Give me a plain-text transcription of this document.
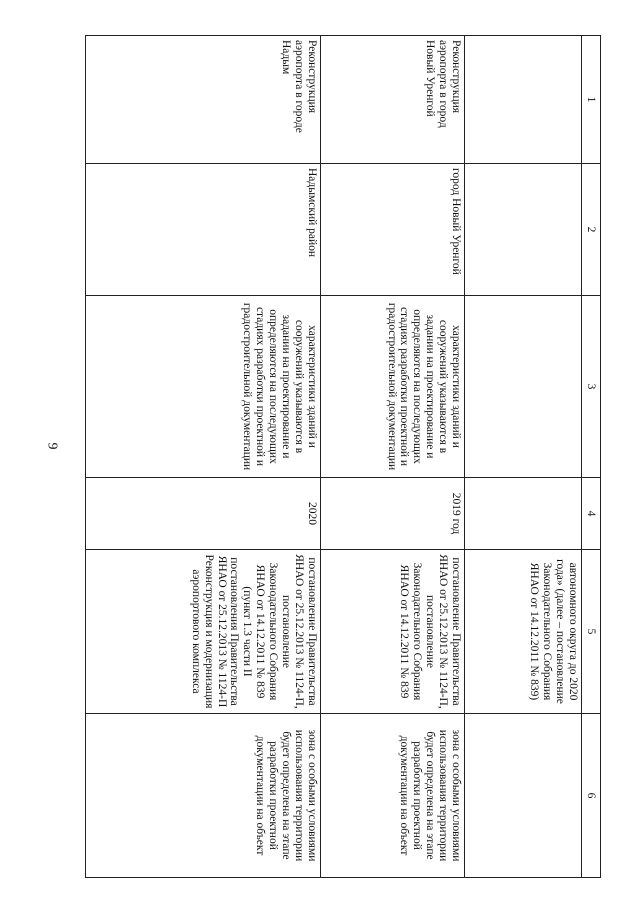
9
1	2	3	4	5	6
				автономного округа до 2020 года» (далее – постановление Законодательного Собрания ЯНАО от 14.12.2011 № 839)	
Реконструкция аэропорта в город Новый Уренгой	город Новый Уренгой	характеристики зданий и сооружений указываются в задании на проектирование и определяются на последующих стадиях разработки проектной и градостроительной документации	2019 год	постановление Правительства ЯНАО от 25.12.2013 № 1124-П, постановление Законодательного Собрания ЯНАО от 14.12.2011 № 839	зона с особыми условиями использования территории будет определена на этапе разработки проектной документации на объект
Реконструкция аэропорта в городе Надым	Надымский район	характеристики зданий и сооружений указываются в задании на проектирование и определяются на последующих стадиях разработки проектной и градостроительной документации	2020	постановление Правительства ЯНАО от 25.12.2013 № 1124-П, постановление Законодательного Собрания ЯНАО от 14.12.2011 № 839 (пункт 1.3 части II постановления Правительства ЯНАО от 25.12.2013 № 1124-П Реконструкция и модернизация аэропортового комплекса	зона с особыми условиями использования территории будет определена на этапе разработки проектной документации на объект
